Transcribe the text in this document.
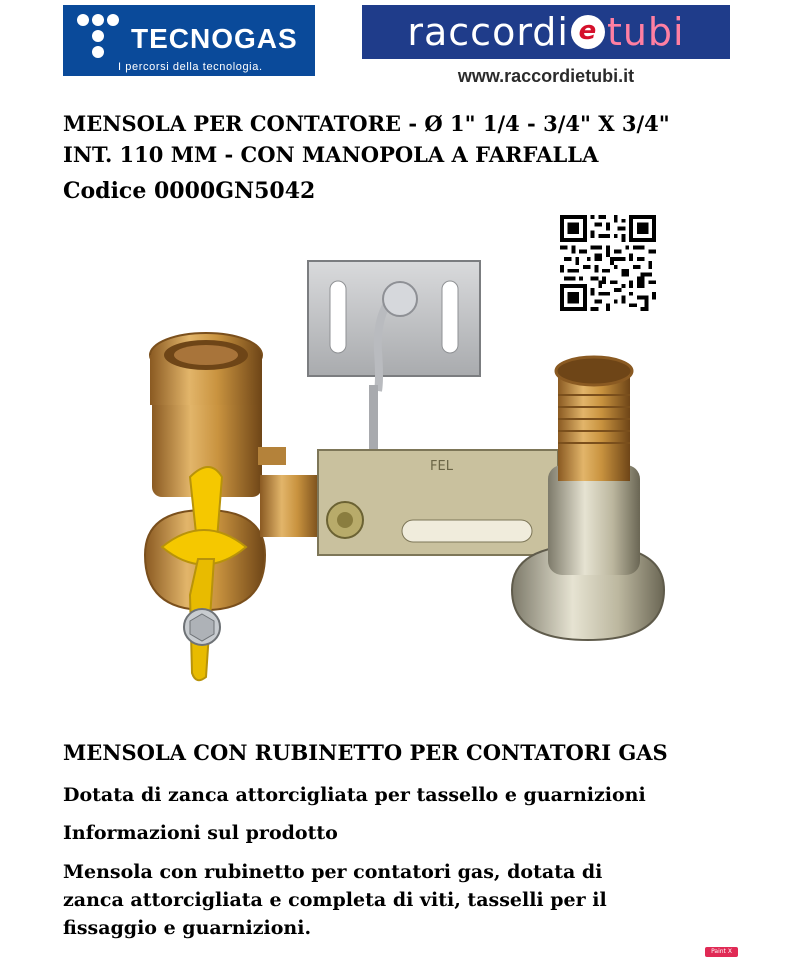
TECNOGAS
I percorsi della tecnologia.
raccordi e tubi
www.raccordietubi.it
MENSOLA PER CONTATORE - Ø 1" 1/4 - 3/4" X 3/4"
INT. 110 MM - CON MANOPOLA A FARFALLA
Codice 0000GN5042
FEL
MENSOLA CON RUBINETTO PER CONTATORI GAS
Dotata di zanca attorcigliata per tassello e guarnizioni
Informazioni sul prodotto
Mensola con rubinetto per contatori gas, dotata di zanca attorcigliata e completa di viti, tasselli per il fissaggio e guarnizioni.
Paint X Lite
